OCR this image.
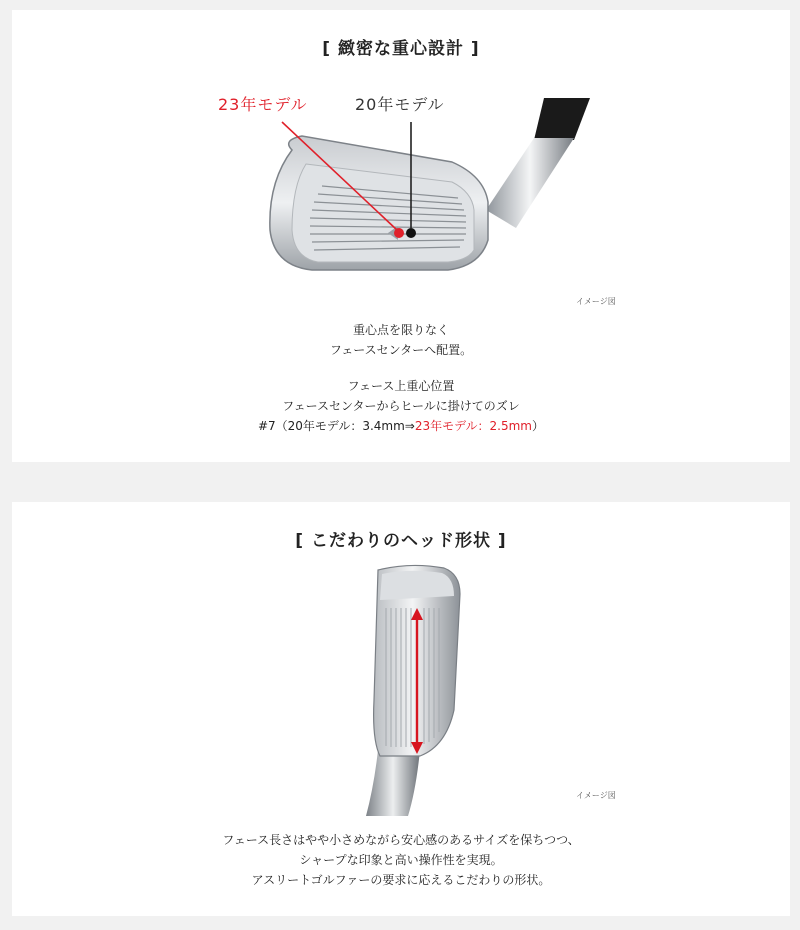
[ 緻密な重心設計 ]
23年モデル	20年モデル
イメージ図

重心点を限りなく

フェースセンターへ配置。

フェース上重心位置

フェースセンターからヒールに掛けてのズレ

#7（20年モデル：3.4mm⇒23年モデル：2.5mm）

[ こだわりのヘッド形状 ]
イメージ図

フェース長さはやや小さめながら安心感のあるサイズを保ちつつ、

シャープな印象と高い操作性を実現。

アスリートゴルファーの要求に応えるこだわりの形状。
